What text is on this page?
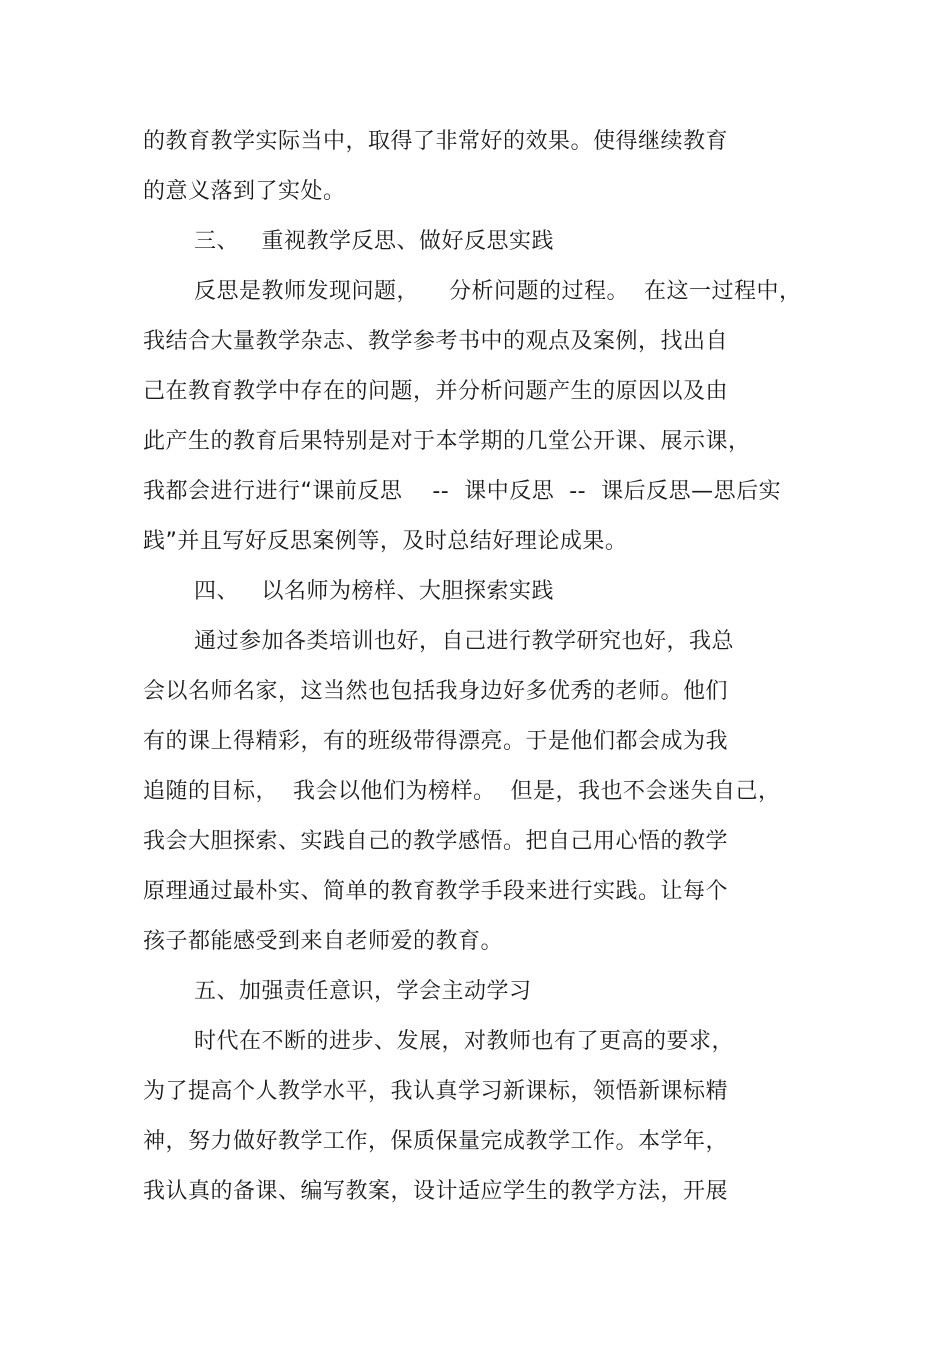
的教育教学实际当中，取得了非常好的效果。使得继续教育
的意义落到了实处。
三、   重视教学反思、做好反思实践
反思是教师发现问题，    分析问题的过程。  在这一过程中，
我结合大量教学杂志、教学参考书中的观点及案例，找出自
己在教育教学中存在的问题，并分析问题产生的原因以及由
此产生的教育后果特别是对于本学期的几堂公开课、展示课，
我都会进行进行“课前反思    --  课中反思  --  课后反思—思后实
践”并且写好反思案例等，及时总结好理论成果。
四、   以名师为榜样、大胆探索实践
通过参加各类培训也好，自己进行教学研究也好，我总
会以名师名家，这当然也包括我身边好多优秀的老师。他们
有的课上得精彩，有的班级带得漂亮。于是他们都会成为我
追随的目标，  我会以他们为榜样。  但是，我也不会迷失自己，
我会大胆探索、实践自己的教学感悟。把自己用心悟的教学
原理通过最朴实、简单的教育教学手段来进行实践。让每个
孩子都能感受到来自老师爱的教育。
五、加强责任意识，学会主动学习
时代在不断的进步、发展，对教师也有了更高的要求，
为了提高个人教学水平，我认真学习新课标，领悟新课标精
神，努力做好教学工作，保质保量完成教学工作。本学年，
我认真的备课、编写教案，设计适应学生的教学方法，开展
